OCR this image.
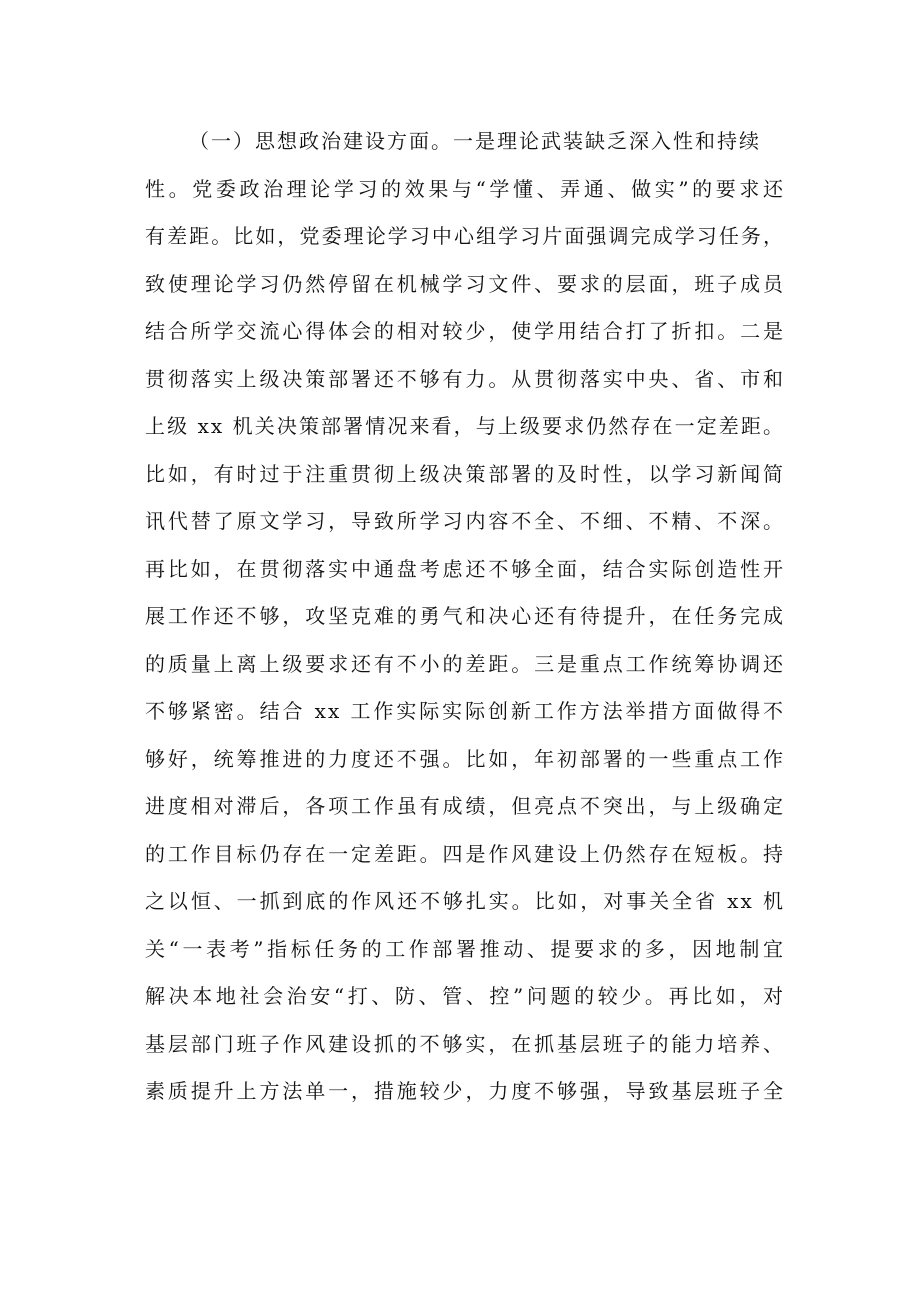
（一）思想政治建设方面。一是理论武装缺乏深入性和持续
性。党委政治理论学习的效果与“学懂、弄通、做实”的要求还
有差距。比如，党委理论学习中心组学习片面强调完成学习任务，
致使理论学习仍然停留在机械学习文件、要求的层面，班子成员
结合所学交流心得体会的相对较少，使学用结合打了折扣。二是
贯彻落实上级决策部署还不够有力。从贯彻落实中央、省、市和
上级 xx 机关决策部署情况来看，与上级要求仍然存在一定差距。
比如，有时过于注重贯彻上级决策部署的及时性，以学习新闻简
讯代替了原文学习，导致所学习内容不全、不细、不精、不深。
再比如，在贯彻落实中通盘考虑还不够全面，结合实际创造性开
展工作还不够，攻坚克难的勇气和决心还有待提升，在任务完成
的质量上离上级要求还有不小的差距。三是重点工作统筹协调还
不够紧密。结合 xx 工作实际实际创新工作方法举措方面做得不
够好，统筹推进的力度还不强。比如，年初部署的一些重点工作
进度相对滞后，各项工作虽有成绩，但亮点不突出，与上级确定
的工作目标仍存在一定差距。四是作风建设上仍然存在短板。持
之以恒、一抓到底的作风还不够扎实。比如，对事关全省 xx 机
关“一表考”指标任务的工作部署推动、提要求的多，因地制宜
解决本地社会治安“打、防、管、控”问题的较少。再比如，对
基层部门班子作风建设抓的不够实，在抓基层班子的能力培养、
素质提升上方法单一，措施较少，力度不够强，导致基层班子全
